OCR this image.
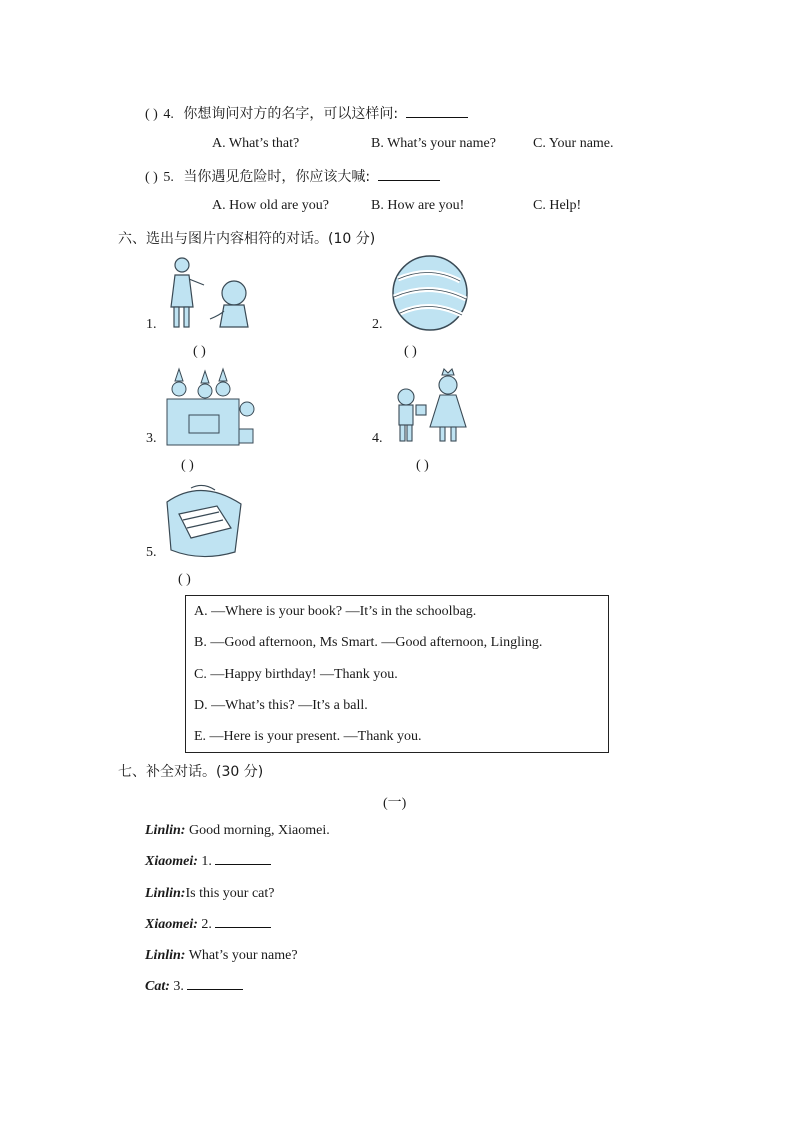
( ) 4. 你想询问对方的名字，可以这样问:
A. What’s that?	B. What’s your name?	C. Your name.
( ) 5. 当你遇见危险时，你应该大喊:
A. How old are you?	B. How are you!	C. Help!
六、选出与图片内容相符的对话。(10 分)
1.
( )
2.
( )
3.
( )
4.
( )
5.
( )
A. —Where is your book? —It’s in the schoolbag.
B. —Good afternoon, Ms Smart. —Good afternoon, Lingling.
C. —Happy birthday! —Thank you.
D. —What’s this? —It’s a ball.
E. —Here is your present. —Thank you.
七、补全对话。(30 分)
(一)
Linlin: Good morning, Xiaomei.
Xiaomei: 1.
Linlin:Is this your cat?
Xiaomei: 2.
Linlin: What’s your name?
Cat: 3.
